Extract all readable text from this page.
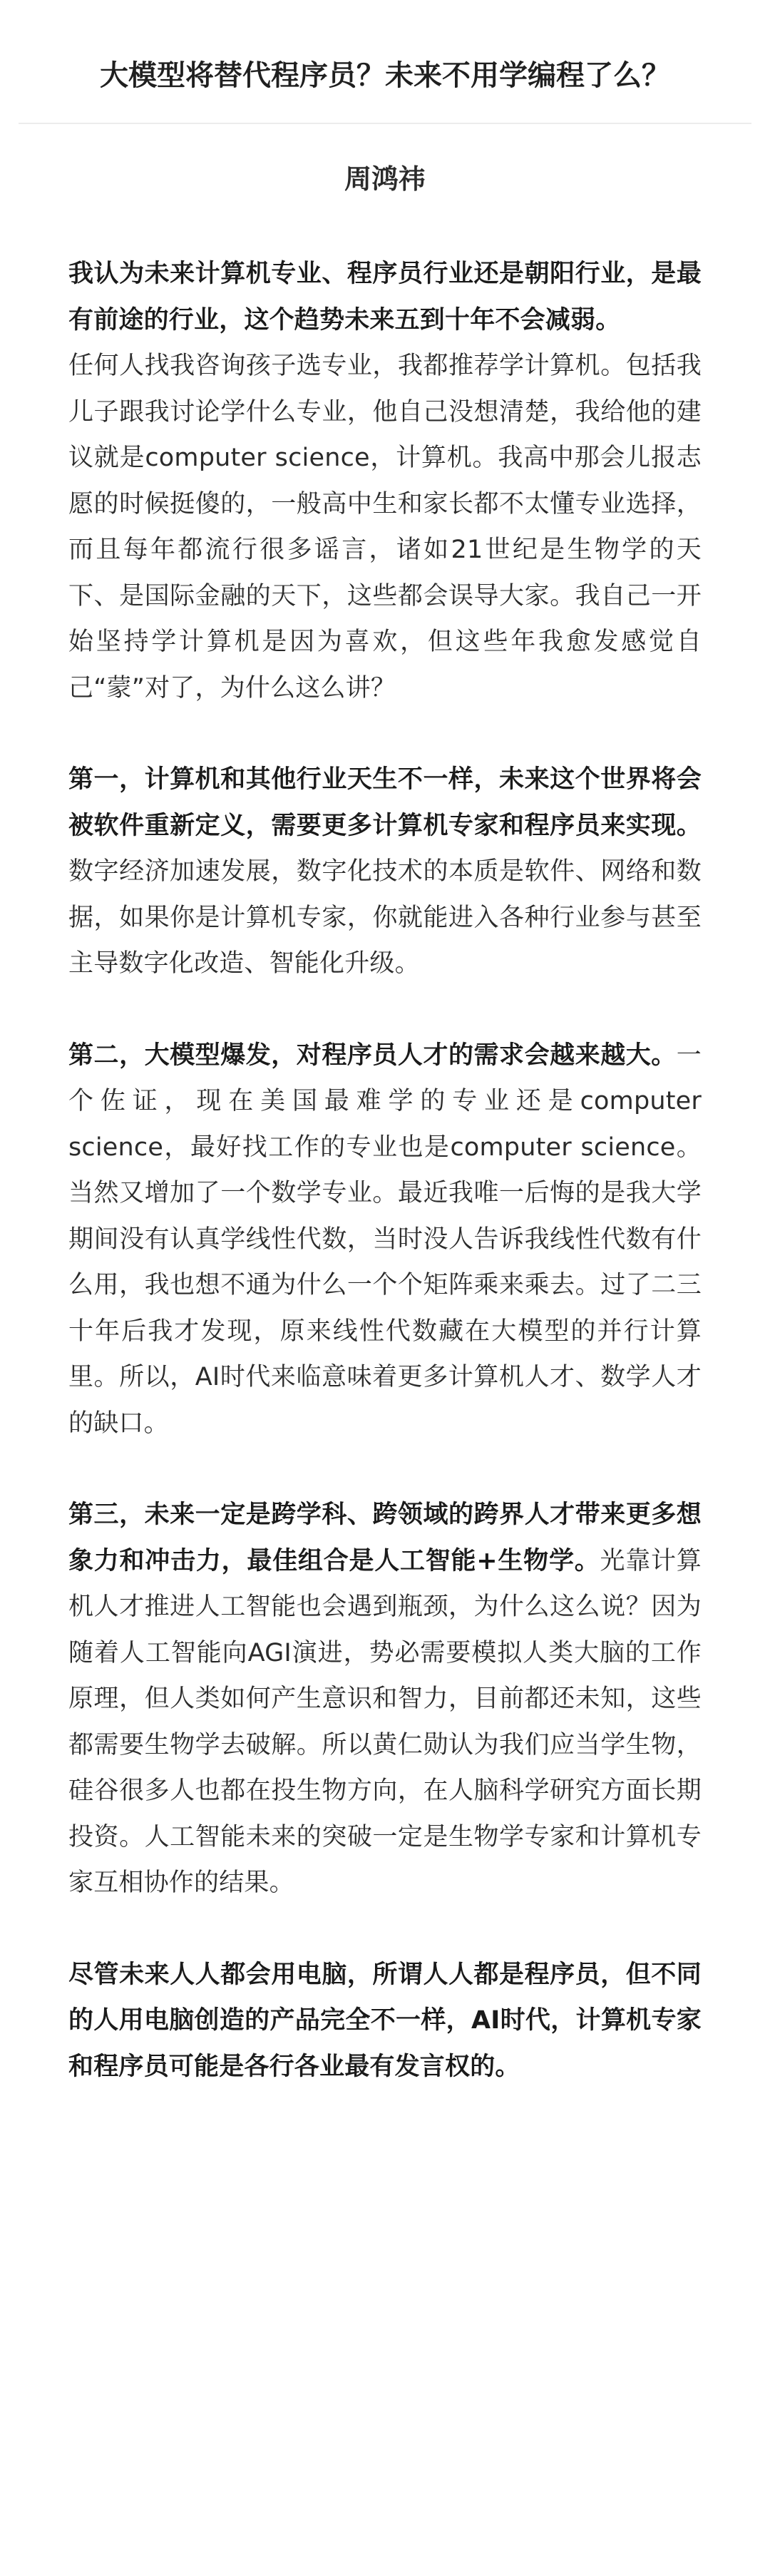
大模型将替代程序员？未来不用学编程了么？
周鸿祎

我认为未来计算机专业、程序员行业还是朝阳行业，是最有前途的行业，这个趋势未来五到十年不会减弱。
任何人找我咨询孩子选专业，我都推荐学计算机。包括我儿子跟我讨论学什么专业，他自己没想清楚，我给他的建议就是computer science，计算机。我高中那会儿报志愿的时候挺傻的，一般高中生和家长都不太懂专业选择，而且每年都流行很多谣言，诸如21世纪是生物学的天下、是国际金融的天下，这些都会误导大家。我自己一开始坚持学计算机是因为喜欢，但这些年我愈发感觉自己“蒙”对了，为什么这么讲？

第一，计算机和其他行业天生不一样，未来这个世界将会被软件重新定义，需要更多计算机专家和程序员来实现。数字经济加速发展，数字化技术的本质是软件、网络和数据，如果你是计算机专家，你就能进入各种行业参与甚至主导数字化改造、智能化升级。

第二，大模型爆发，对程序员人才的需求会越来越大。一个佐证，现在美国最难学的专业还是computer science，最好找工作的专业也是computer science。当然又增加了一个数学专业。最近我唯一后悔的是我大学期间没有认真学线性代数，当时没人告诉我线性代数有什么用，我也想不通为什么一个个矩阵乘来乘去。过了二三十年后我才发现，原来线性代数藏在大模型的并行计算里。所以，AI时代来临意味着更多计算机人才、数学人才的缺口。

第三，未来一定是跨学科、跨领域的跨界人才带来更多想象力和冲击力，最佳组合是人工智能+生物学。光靠计算机人才推进人工智能也会遇到瓶颈，为什么这么说？因为随着人工智能向AGI演进，势必需要模拟人类大脑的工作原理，但人类如何产生意识和智力，目前都还未知，这些都需要生物学去破解。所以黄仁勋认为我们应当学生物，硅谷很多人也都在投生物方向，在人脑科学研究方面长期投资。人工智能未来的突破一定是生物学专家和计算机专家互相协作的结果。

尽管未来人人都会用电脑，所谓人人都是程序员，但不同的人用电脑创造的产品完全不一样，AI时代，计算机专家和程序员可能是各行各业最有发言权的。
